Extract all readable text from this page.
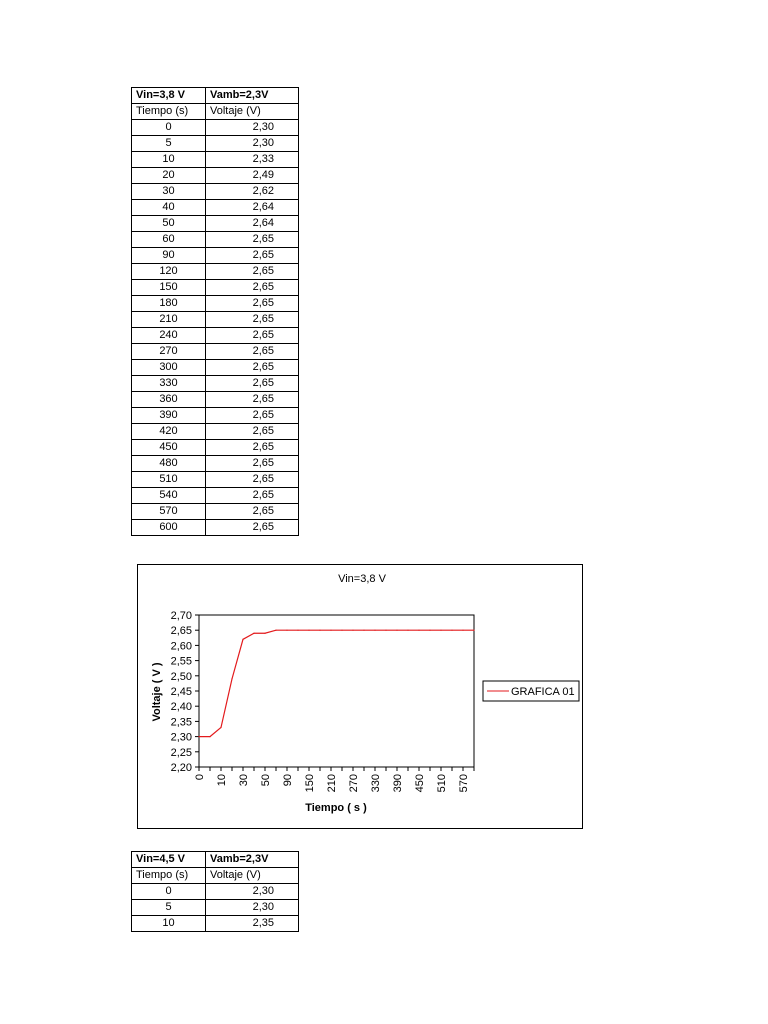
Vin=3,8 V	Vamb=2,3V
Tiempo (s)	Voltaje (V)
0	2,30
5	2,30
10	2,33
20	2,49
30	2,62
40	2,64
50	2,64
60	2,65
90	2,65
120	2,65
150	2,65
180	2,65
210	2,65
240	2,65
270	2,65
300	2,65
330	2,65
360	2,65
390	2,65
420	2,65
450	2,65
480	2,65
510	2,65
540	2,65
570	2,65
600	2,65
Vin=3,8 V
2,70
2,65
2,60
2,55
2,50
2,45
2,40
2,35
2,30
2,25
2,20
0 10 30 50 90 150 210 270 330 390 450 510 570
Voltaje ( V )
Tiempo ( s )
GRAFICA 01
Vin=4,5 V	Vamb=2,3V
Tiempo (s)	Voltaje (V)
0	2,30
5	2,30
10	2,35
